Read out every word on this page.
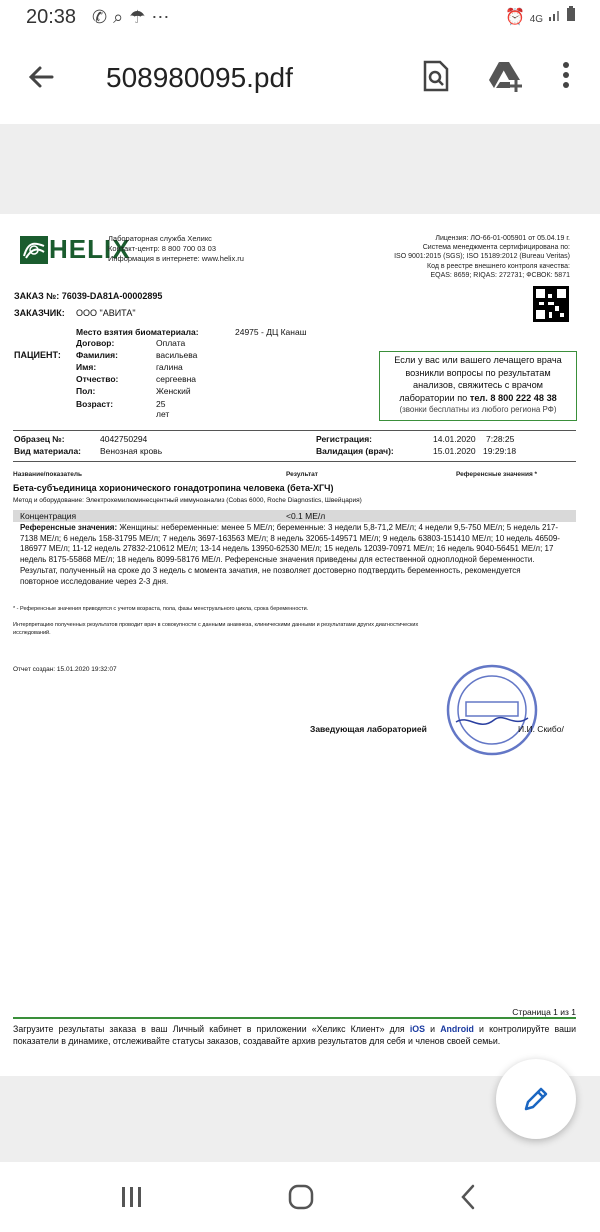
20:38 ✆⌕☂⋯	⏰ 4G
508980095.pdf
HELIX
Лабораторная служба Хеликс
Контакт-центр: 8 800 700 03 03
Информация в интернете: www.helix.ru
Лицензия: ЛО-66-01-005901 от 05.04.19 г.
Система менеджмента сертифицирована по:
ISO 9001:2015 (SGS); ISO 15189:2012 (Bureau Veritas)
Код в реестре внешнего контроля качества:
EQAS: 8659; RIQAS: 272731; ФСВОК: 5871
ЗАКАЗ №: 76039-DA81A-00002895
ЗАКАЗЧИК: ООО "АВИТА"
Место взятия биоматериала:	24975 - ДЦ Канаш
ПАЦИЕНТ:
Договор:	Оплата
Фамилия:	васильева
Имя:	галина
Отчество:	сергеевна
Пол:	Женский
Возраст:	25 лет
Если у вас или вашего лечащего врача
возникли вопросы по результатам
анализов, свяжитесь с врачом
лаборатории по тел. 8 800 222 48 38
(звонки бесплатны из любого региона РФ)
Образец №:	4042750294
Вид материала: Венозная кровь
Регистрация:	14.01.2020 7:28:25
Валидация (врач):	15.01.2020 19:29:18
Название/показатель	Результат	Референсные значения *
Бета-субъединица хорионического гонадотропина человека (бета-ХГЧ)
Метод и оборудование: Электрохемилюминесцентный иммуноанализ (Cobas 6000, Roche Diagnostics, Швейцария)
Концентрация	<0.1 МЕ/л
Референсные значения: Женщины: небеременные: менее 5 МЕ/л; беременные: 3 недели 5,8-71,2 МЕ/л; 4 недели 9,5-750 МЕ/л; 5 недель 217-7138 МЕ/л; 6 недель 158-31795 МЕ/л; 7 недель 3697-163563 МЕ/л; 8 недель 32065-149571 МЕ/л; 9 недель 63803-151410 МЕ/л; 10 недель 46509-186977 МЕ/л; 11-12 недель 27832-210612 МЕ/л; 13-14 недель 13950-62530 МЕ/л; 15 недель 12039-70971 МЕ/л; 16 недель 9040-56451 МЕ/л; 17 недель 8175-55868 МЕ/л; 18 недель 8099-58176 МЕ/л. Референсные значения приведены для естественной одноплодной беременности. Результат, полученный на сроке до 3 недель с момента зачатия, не позволяет достоверно подтвердить беременность, рекомендуется повторное исследование через 2-3 дня.
* - Референсные значения приводятся с учетом возраста, пола, фазы менструального цикла, срока беременности.
Интерпретацию полученных результатов проводит врач в совокупности с данными анамнеза, клиническими данными и результатами других диагностических исследований.
Отчет создан: 15.01.2020 19:32:07
Заведующая лабораторией	И.И. Скибо/
Страница 1 из 1
Загрузите результаты заказа в ваш Личный кабинет в приложении «Хеликс Клиент» для iOS и Android и контролируйте ваши показатели в динамике, отслеживайте статусы заказов, создавайте архив результатов для себя и членов своей семьи.
